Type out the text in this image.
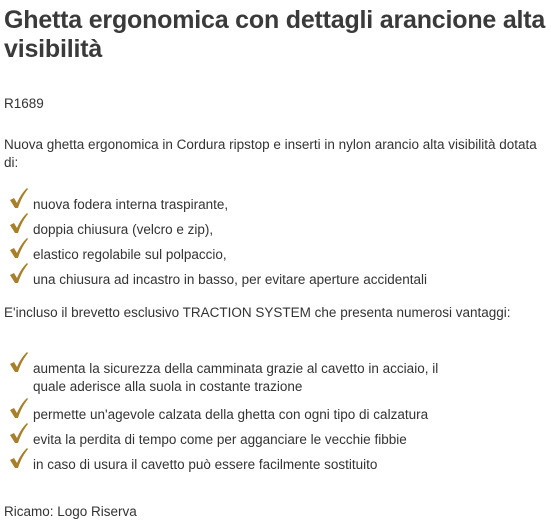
Ghetta ergonomica con dettagli arancione alta visibilità

R1689

Nuova ghetta ergonomica in Cordura ripstop e inserti in nylon arancio alta visibilità dotata di:

nuova fodera interna traspirante,
doppia chiusura (velcro e zip),
elastico regolabile sul polpaccio,
una chiusura ad incastro in basso, per evitare aperture accidentali

E'incluso il brevetto esclusivo TRACTION SYSTEM che presenta numerosi vantaggi:

aumenta la sicurezza della camminata grazie al cavetto in acciaio, il quale aderisce alla suola in costante trazione
permette un'agevole calzata della ghetta con ogni tipo di calzatura
evita la perdita di tempo come per agganciare le vecchie fibbie
in caso di usura il cavetto può essere facilmente sostituito

Ricamo: Logo Riserva
